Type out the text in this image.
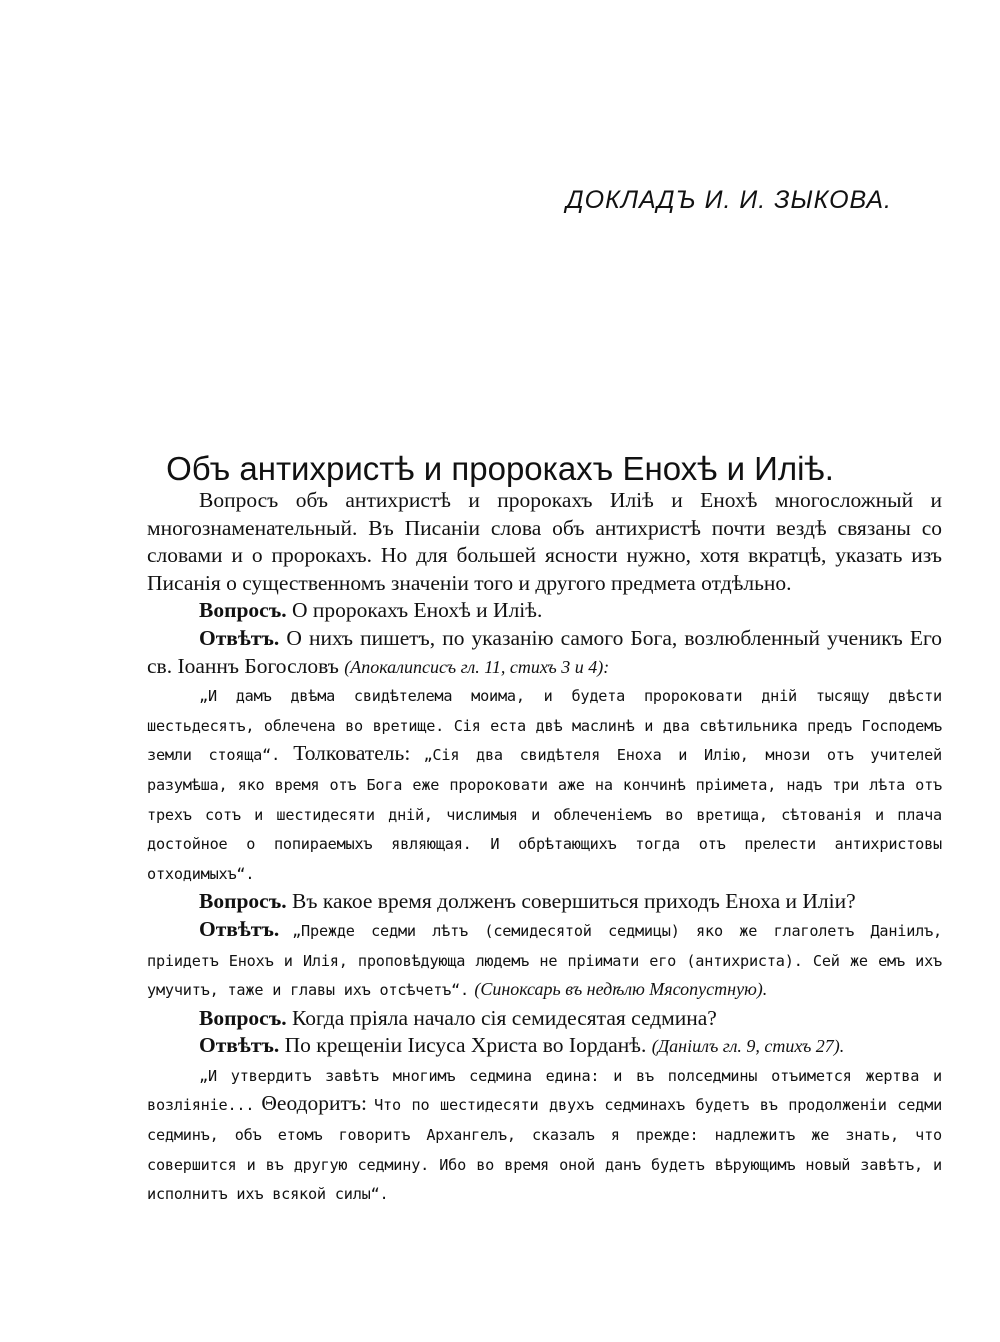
ДОКЛАДЪ И. И. ЗЫКОВА.
Объ антихристѣ и пророкахъ Енохѣ и Иліѣ.

Вопросъ объ антихристѣ и пророкахъ Иліѣ и Енохѣ многосложный и многознаменательный. Въ Писаніи слова объ антихристѣ почти вездѣ связаны со словами и о пророкахъ. Но для большей ясности нужно, хотя вкратцѣ, указать изъ Писанія о существенномъ значеніи того и другого предмета отдѣльно.

Вопросъ. О пророкахъ Енохѣ и Иліѣ.

Отвѣтъ. О нихъ пишетъ, по указанію самого Бога, возлюбленный ученикъ Его св. Іоаннъ Богословъ (Апокалипсисъ гл. 11, стихъ 3 и 4):

„И дамъ двѣма свидѣтелема моима, и будета пророковати дній тысящу двѣсти шестьдесятъ, облечена во вретище. Сія еста двѣ маслинѣ и два свѣтильника предъ Господемъ земли стояща“. Толкователь: „Сія два свидѣтеля Еноха и Илію, мнози отъ учителей разумѣша, яко время отъ Бога еже пророковати аже на кончинѣ пріимета, надъ три лѣта отъ трехъ сотъ и шестидесяти дній, числимыя и облеченіемъ во вретища, сѣтованія и плача достойное о попираемыхъ являющая. И обрѣтающихъ тогда отъ прелести антихристовы отходимыхъ“.

Вопросъ. Въ какое время долженъ совершиться приходъ Еноха и Иліи?

Отвѣтъ. „Прежде седми лѣтъ (семидесятой седмицы) яко же глаголетъ Даніилъ, пріидетъ Енохъ и Илія, проповѣдующа людемъ не пріимати его (антихриста). Сей же емъ ихъ умучитъ, таже и главы ихъ отсѣчетъ“. (Синоксарь въ недѣлю Мясопустную).

Вопросъ. Когда пріяла начало сія семидесятая седмина?

Отвѣтъ. По крещеніи Іисуса Христа во Іорданѣ. (Даніилъ гл. 9, стихъ 27).

„И утвердитъ завѣтъ многимъ седмина едина: и въ полседмины отъимется жертва и возліяніе... Θеодоритъ: Что по шестидесяти двухъ седминахъ будетъ въ продолженіи седми седминъ, объ етомъ говоритъ Архангелъ, сказалъ я прежде: надлежитъ же знать, что совершится и въ другую седмину. Ибо во время оной данъ будетъ вѣрующимъ новый завѣтъ, и исполнитъ ихъ всякой силы“.
